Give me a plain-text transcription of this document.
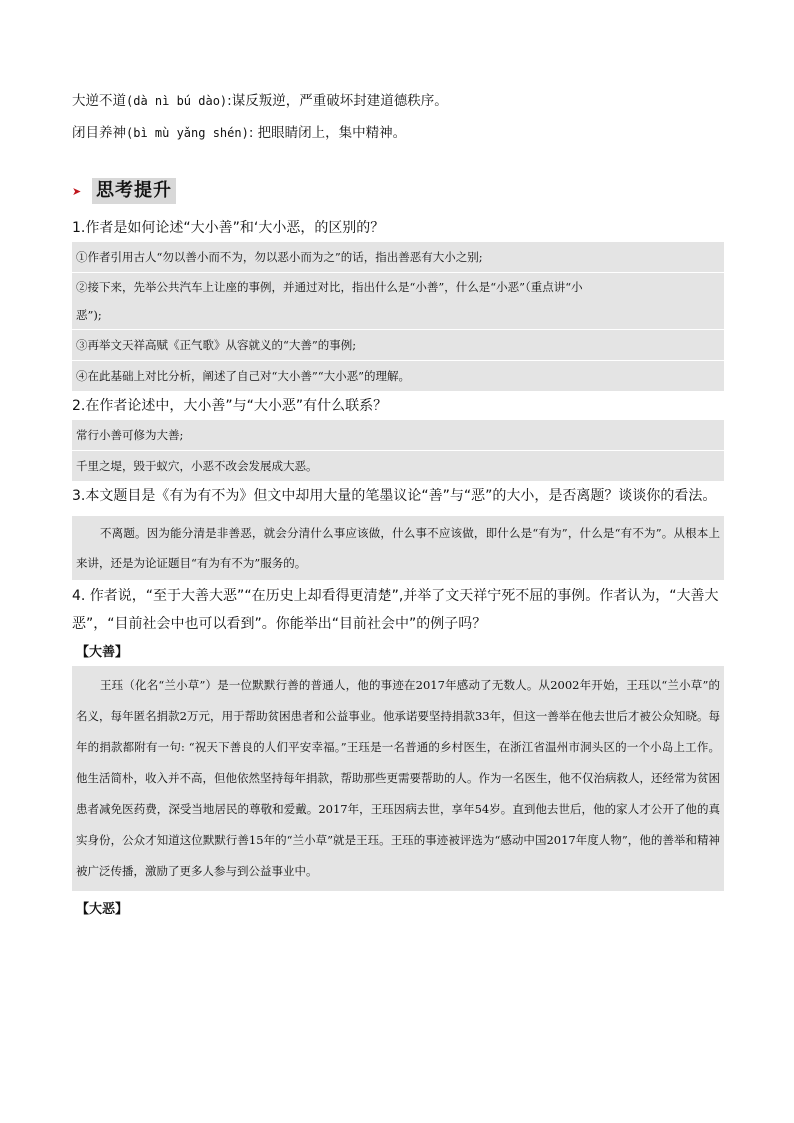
大逆不道(dà nì bú dào):谋反叛逆，严重破坏封建道德秩序。
闭目养神(bì mù yǎng shén): 把眼睛闭上，集中精神。
➤ 思考提升

1.作者是如何论述“大小善”和‘大小恶，的区别的？

①作者引用古人“勿以善小而不为，勿以恶小而为之”的话，指出善恶有大小之别;
②接下来，先举公共汽车上让座的事例，并通过对比，指出什么是“小善”，什么是“小恶”（重点讲“小
恶”);
③再举文天祥高赋《正气歌》从容就义的“大善”的事例;
④在此基础上对比分析，阐述了自己对“大小善”“大小恶”的理解。

2.在作者论述中，大小善”与“大小恶”有什么联系？

常行小善可修为大善;
千里之堤，毁于蚁穴，小恶不改会发展成大恶。

3.本文题目是《有为有不为》但文中却用大量的笔墨议论“善”与“恶”的大小，是否离题？谈谈你的看法。

不离题。因为能分清是非善恶，就会分清什么事应该做，什么事不应该做，即什么是“有为”，什么是“有不为”。从根本上来讲，还是为论证题目“有为有不为”服务的。

4. 作者说，“至于大善大恶”“在历史上却看得更清楚”,并举了文天祥宁死不屈的事例。作者认为，“大善大恶”，“目前社会中也可以看到”。你能举出“目前社会中”的例子吗？

【大善】
王珏（化名“兰小草”）是一位默默行善的普通人，他的事迹在2017年感动了无数人。从2002年开始，王珏以“兰小草”的名义，每年匿名捐款2万元，用于帮助贫困患者和公益事业。他承诺要坚持捐款33年，但这一善举在他去世后才被公众知晓。每年的捐款都附有一句: “祝天下善良的人们平安幸福。”王珏是一名普通的乡村医生，在浙江省温州市洞头区的一个小岛上工作。他生活简朴，收入并不高，但他依然坚持每年捐款，帮助那些更需要帮助的人。作为一名医生，他不仅治病救人，还经常为贫困患者减免医药费，深受当地居民的尊敬和爱戴。2017年，王珏因病去世，享年54岁。直到他去世后，他的家人才公开了他的真实身份，公众才知道这位默默行善15年的“兰小草”就是王珏。王珏的事迹被评选为“感动中国2017年度人物”，他的善举和精神被广泛传播，激励了更多人参与到公益事业中。
【大恶】
